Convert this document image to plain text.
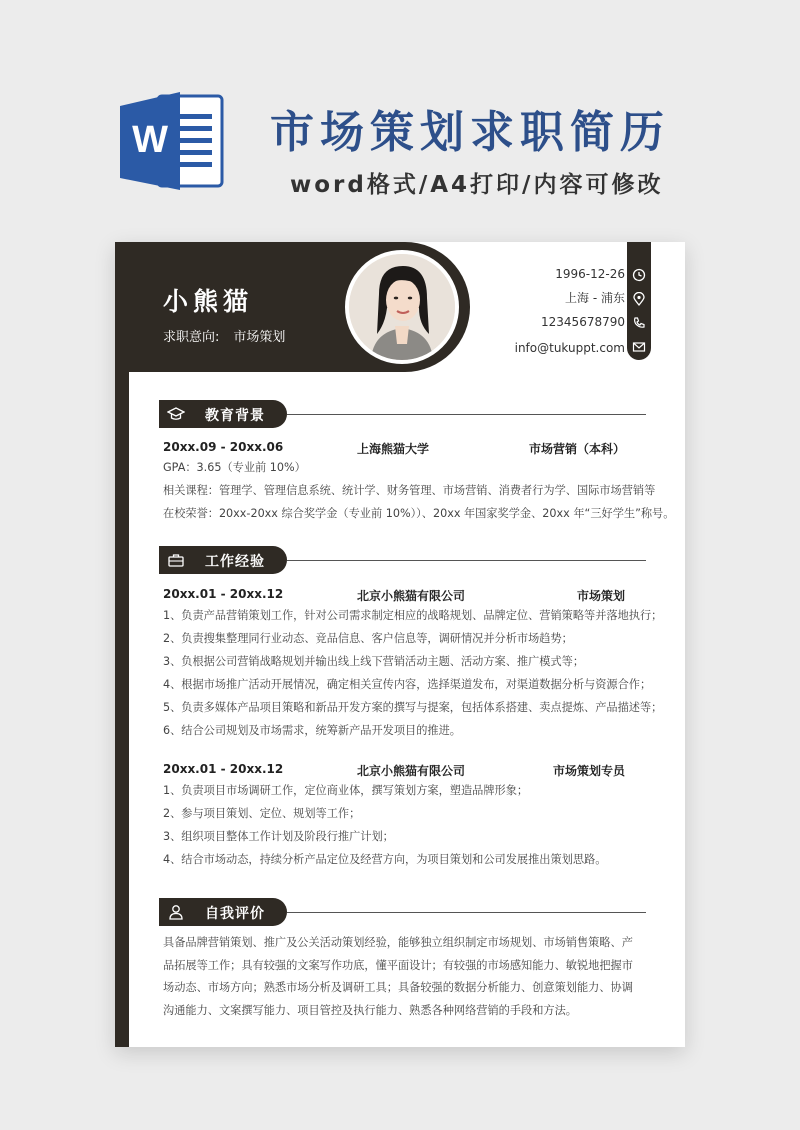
W 市场策划求职简历
word格式/A4打印/内容可修改
小熊猫
求职意向: 市场策划
1996-12-26
上海 - 浦东
12345678790
info@tukuppt.com
教育背景
20xx.09 - 20xx.06	上海熊猫大学	市场营销（本科）
GPA：3.65（专业前 10%）
相关课程：管理学、管理信息系统、统计学、财务管理、市场营销、消费者行为学、国际市场营销等
在校荣誉：20xx-20xx 综合奖学金（专业前 10%））、20xx 年国家奖学金、20xx 年“三好学生”称号。
工作经验
20xx.01 - 20xx.12	北京小熊猫有限公司	市场策划
1、负责产品营销策划工作，针对公司需求制定相应的战略规划、品牌定位、营销策略等并落地执行；
2、负责搜集整理同行业动态、竞品信息、客户信息等，调研情况并分析市场趋势；
3、负根据公司营销战略规划并输出线上线下营销活动主题、活动方案、推广模式等；
4、根据市场推广活动开展情况，确定相关宣传内容，选择渠道发布，对渠道数据分析与资源合作；
5、负责多媒体产品项目策略和新品开发方案的撰写与提案，包括体系搭建、卖点提炼、产品描述等；
6、结合公司规划及市场需求，统筹新产品开发项目的推进。
20xx.01 - 20xx.12	北京小熊猫有限公司	市场策划专员
1、负责项目市场调研工作，定位商业体，撰写策划方案，塑造品牌形象；
2、参与项目策划、定位、规划等工作；
3、组织项目整体工作计划及阶段行推广计划；
4、结合市场动态，持续分析产品定位及经营方向，为项目策划和公司发展推出策划思路。
自我评价
具备品牌营销策划、推广及公关活动策划经验，能够独立组织制定市场规划、市场销售策略、产品拓展等工作；具有较强的文案写作功底，懂平面设计；有较强的市场感知能力、敏锐地把握市场动态、市场方向；熟悉市场分析及调研工具；具备较强的数据分析能力、创意策划能力、协调沟通能力、文案撰写能力、项目管控及执行能力、熟悉各种网络营销的手段和方法。
